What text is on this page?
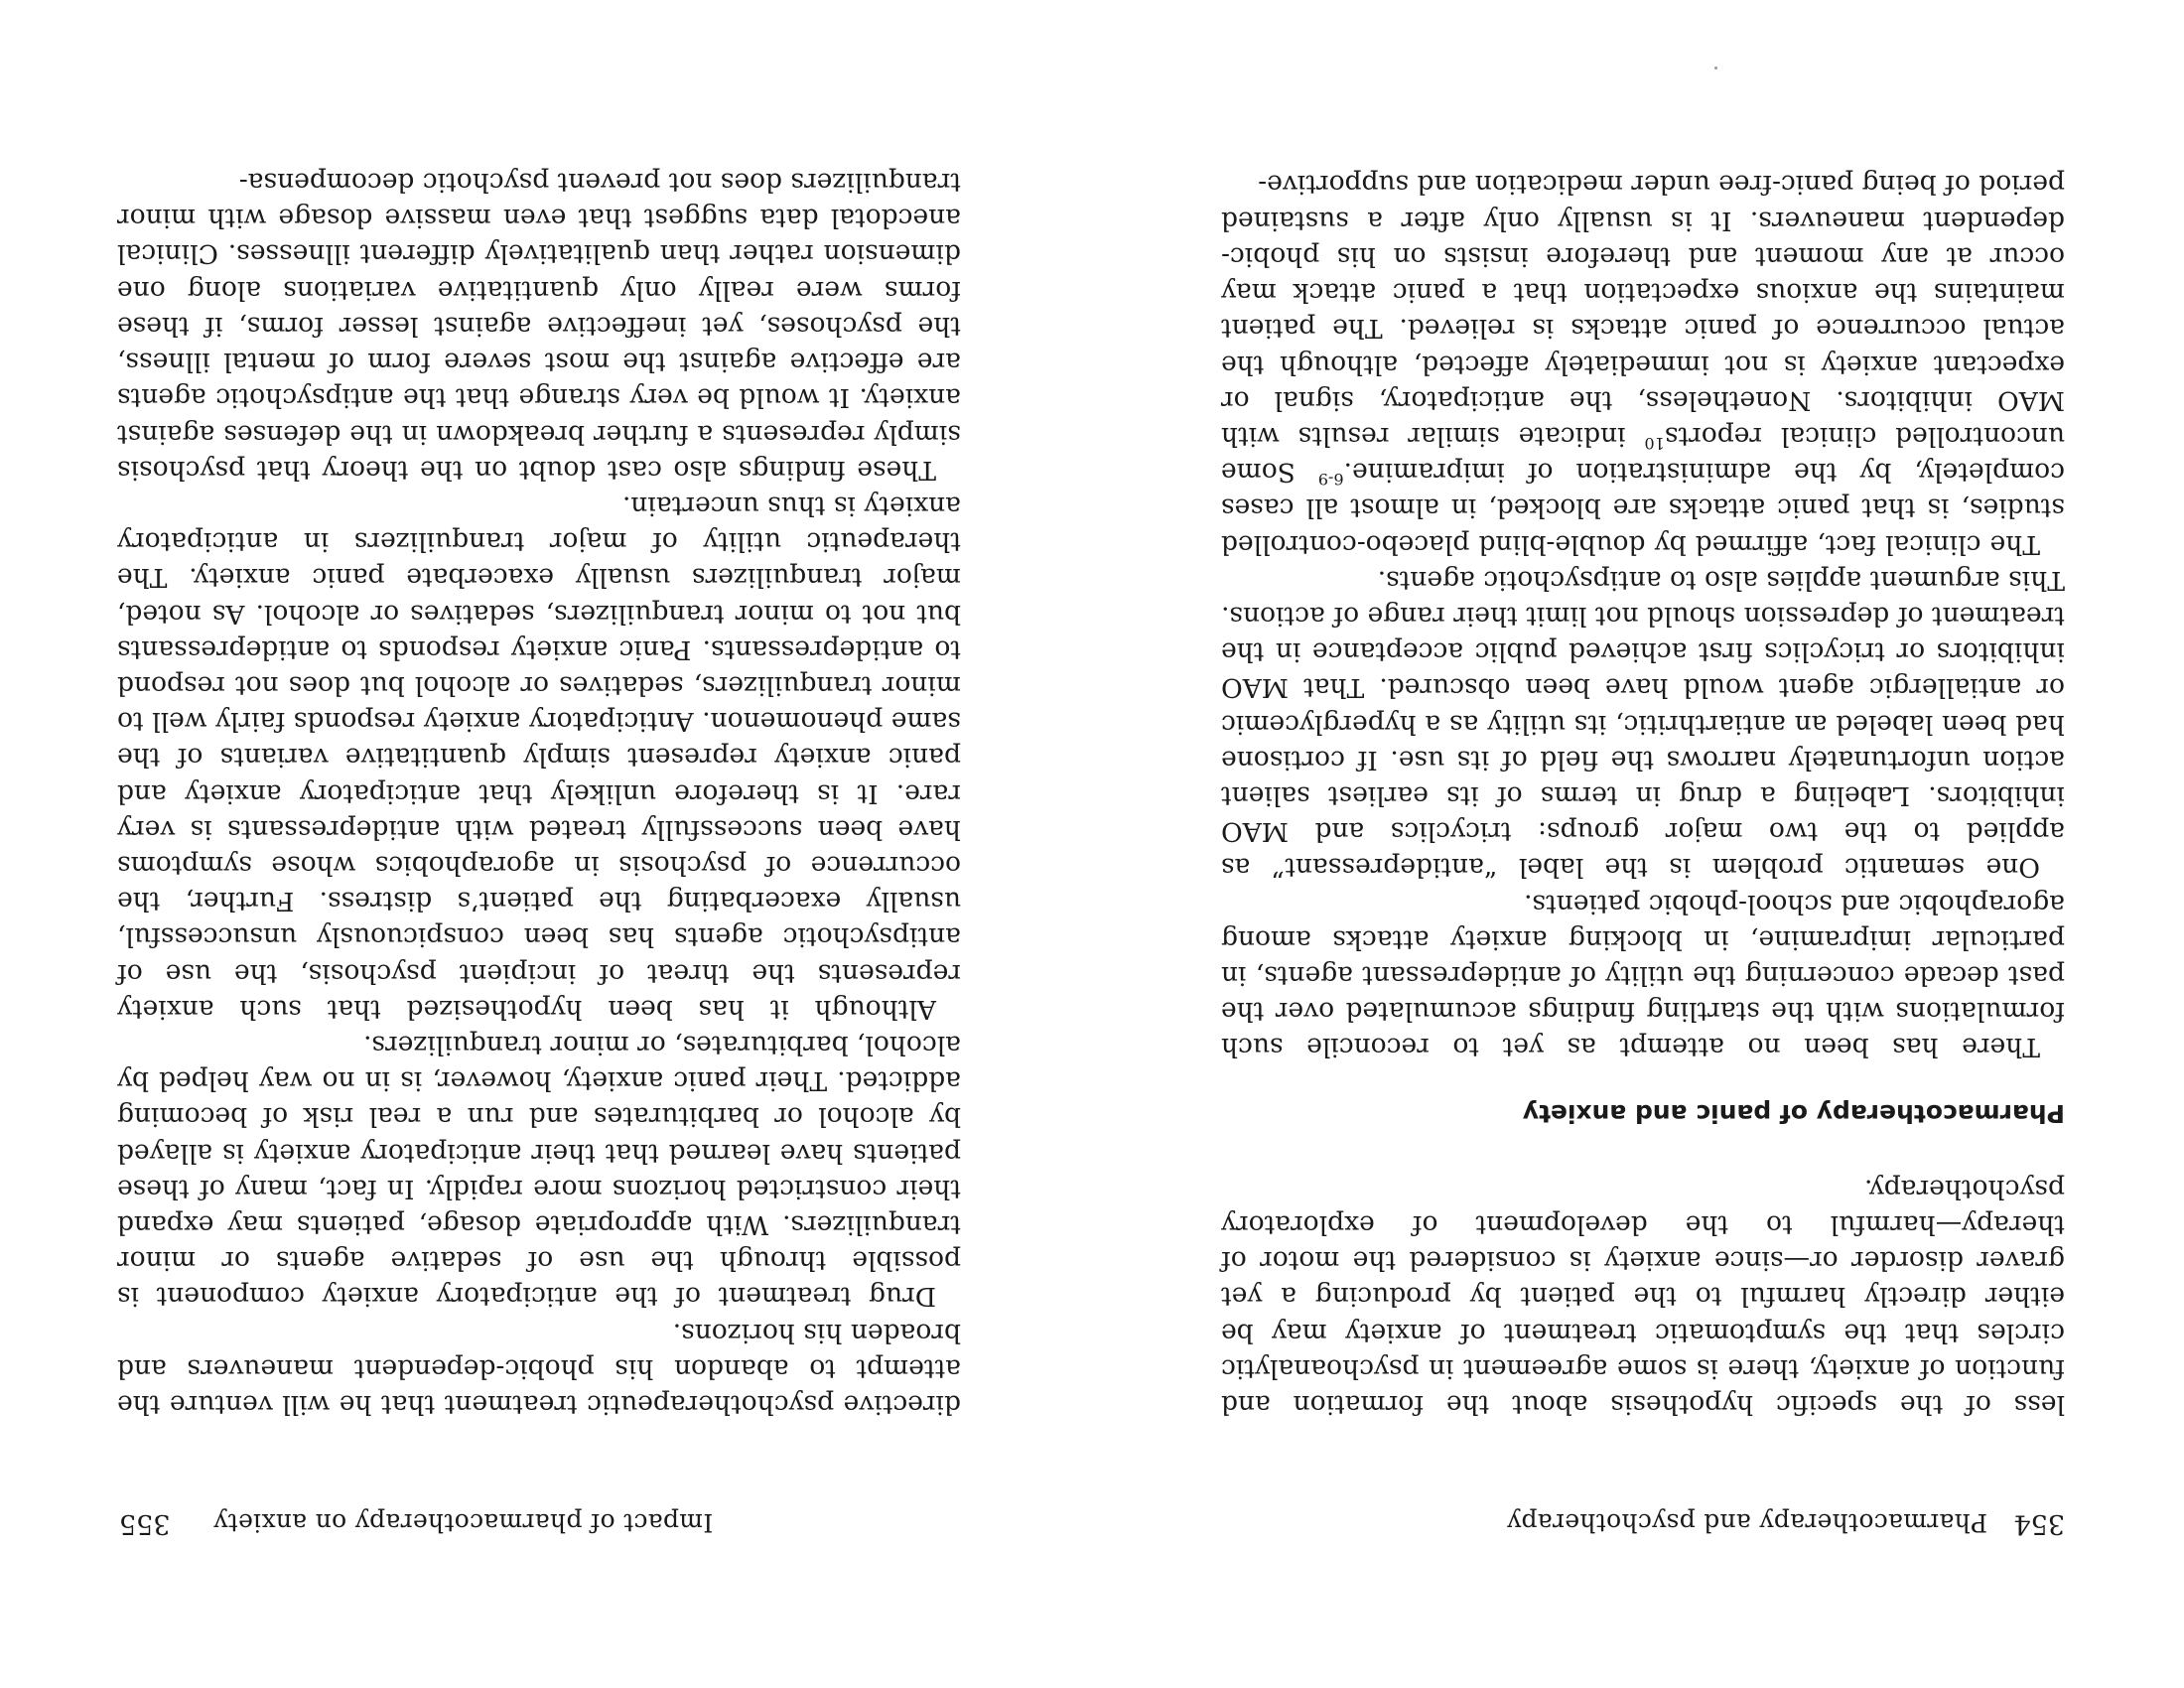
354
Pharmacotherapy and psychotherapy

less of the specific hypothesis about the formation and function of anxiety, there is some agreement in psychoanalytic circles that the symptomatic treatment of anxiety may be either directly harmful to the patient by producing a yet graver disorder or—since anxiety is considered the motor of therapy—harmful to the development of exploratory psychotherapy.

Pharmacotherapy of panic and anxiety

There has been no attempt as yet to reconcile such formulations with the startling findings accumulated over the past decade concerning the utility of antidepressant agents, in particular imipramine, in blocking anxiety attacks among agoraphobic and school-phobic patients.

One semantic problem is the label “antidepressant” as applied to the two major groups: tricyclics and MAO inhibitors. Labeling a drug in terms of its earliest salient action unfortunately narrows the field of its use. If cortisone had been labeled an antiarthritic, its utility as a hyperglycemic or antiallergic agent would have been obscured. That MAO inhibitors or tricyclics first achieved public acceptance in the treatment of depression should not limit their range of actions. This argument applies also to antipsychotic agents.

The clinical fact, affirmed by double-blind placebo-controlled studies, is that panic attacks are blocked, in almost all cases completely, by the administration of imipramine.$^{6-9}$ Some uncontrolled clinical reports$^{10}$ indicate similar results with MAO inhibitors. Nonetheless, the anticipatory, signal or expectant anxiety is not immediately affected, although the actual occurrence of panic attacks is relieved. The patient maintains the anxious expectation that a panic attack may occur at any moment and therefore insists on his phobic-dependent maneuvers. It is usually only after a sustained period of being panic-free under medication and supportive-

Impact of pharmacotherapy on anxiety
355

directive psychotherapeutic treatment that he will venture the attempt to abandon his phobic-dependent maneuvers and broaden his horizons.

Drug treatment of the anticipatory anxiety component is possible through the use of sedative agents or minor tranquilizers. With appropriate dosage, patients may expand their constricted horizons more rapidly. In fact, many of these patients have learned that their anticipatory anxiety is allayed by alcohol or barbiturates and run a real risk of becoming addicted. Their panic anxiety, however, is in no way helped by alcohol, barbiturates, or minor tranquilizers.

Although it has been hypothesized that such anxiety represents the threat of incipient psychosis, the use of antipsychotic agents has been conspicuously unsuccessful, usually exacerbating the patient’s distress. Further, the occurrence of psychosis in agoraphobics whose symptoms have been successfully treated with antidepressants is very rare. It is therefore unlikely that anticipatory anxiety and panic anxiety represent simply quantitative variants of the same phenomenon. Anticipatory anxiety responds fairly well to minor tranquilizers, sedatives or alcohol but does not respond to antidepressants. Panic anxiety responds to antidepressants but not to minor tranquilizers, sedatives or alcohol. As noted, major tranquilizers usually exacerbate panic anxiety. The therapeutic utility of major tranquilizers in anticipatory anxiety is thus uncertain.

These findings also cast doubt on the theory that psychosis simply represents a further breakdown in the defenses against anxiety. It would be very strange that the antipsychotic agents are effective against the most severe form of mental illness, the psychoses, yet ineffective against lesser forms, if these forms were really only quantitative variations along one dimension rather than qualitatively different illnesses. Clinical anecdotal data suggest that even massive dosage with minor tranquilizers does not prevent psychotic decompensa-
